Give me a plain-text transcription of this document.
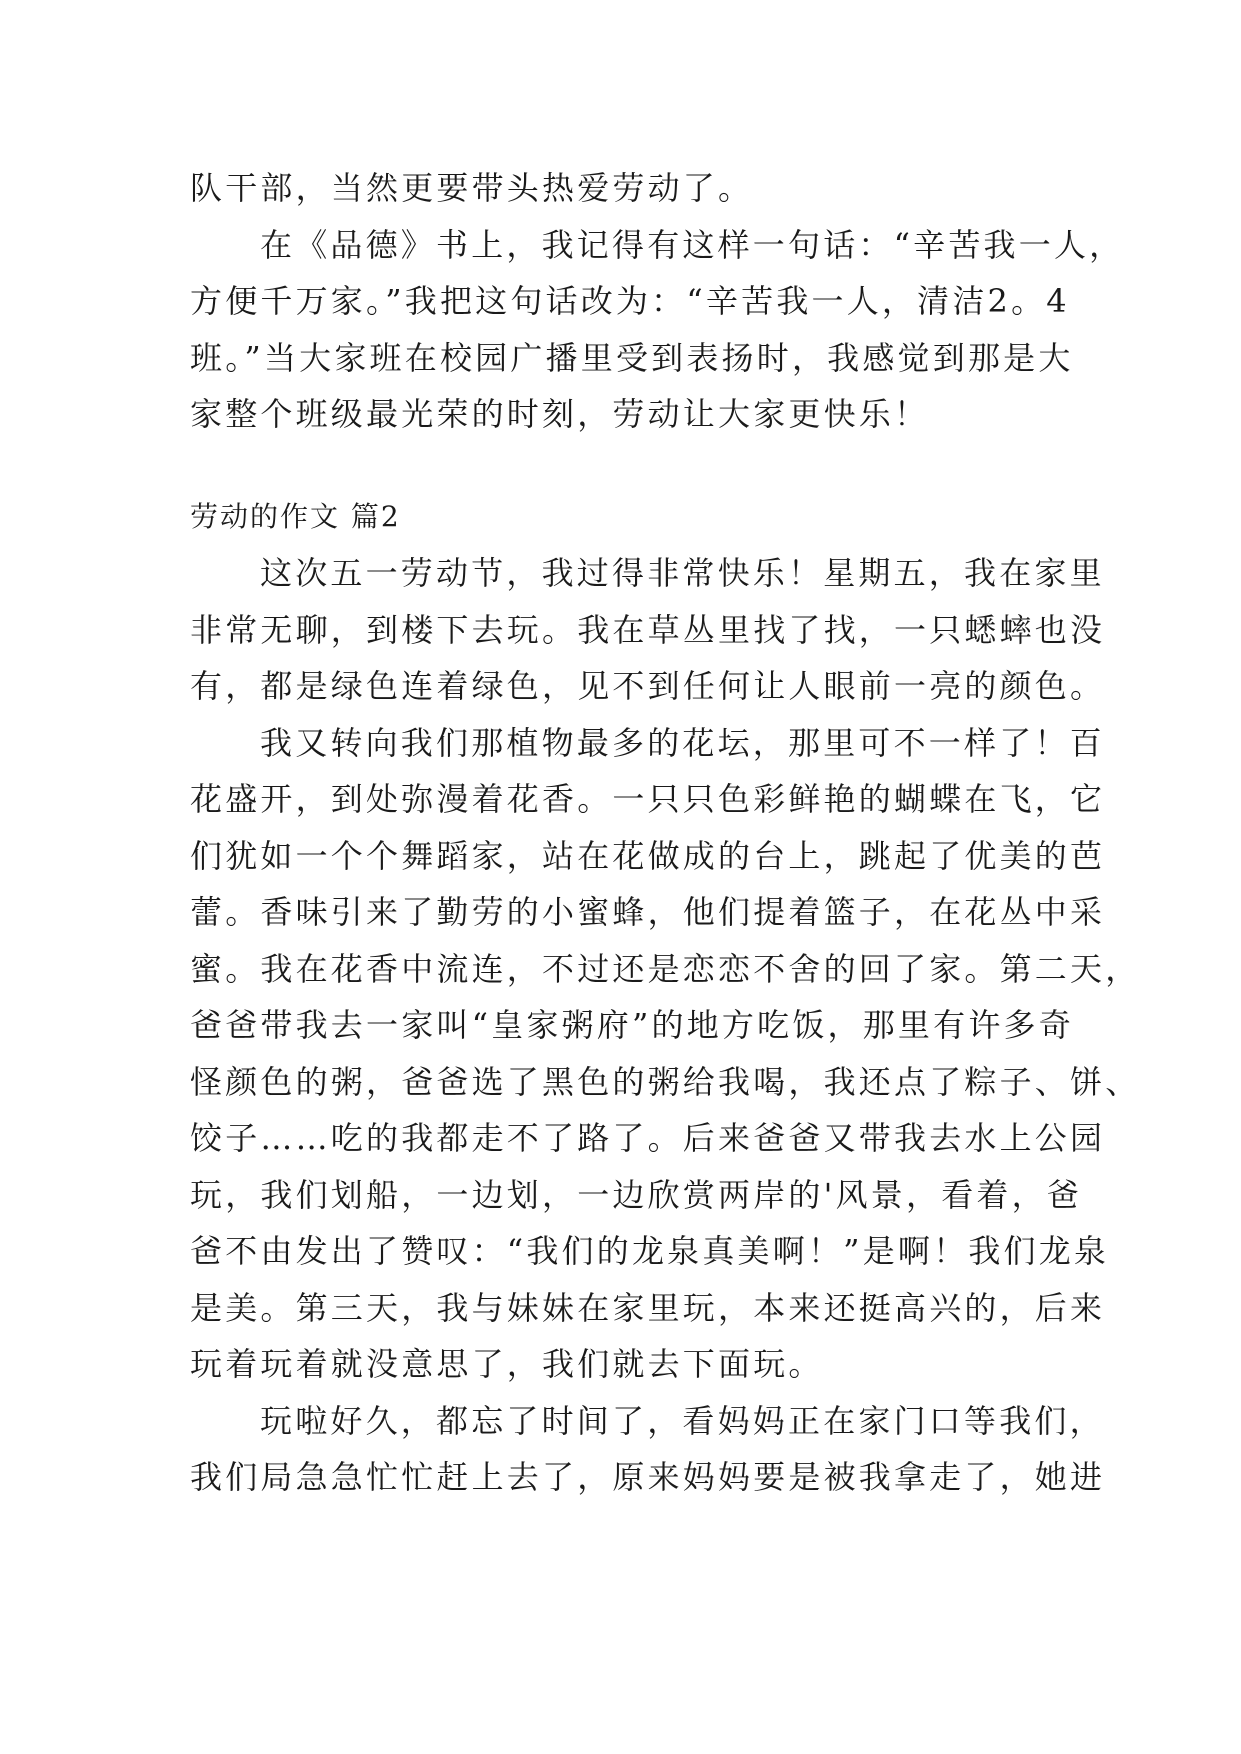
队干部，当然更要带头热爱劳动了。
在《品德》书上，我记得有这样一句话：“辛苦我一人，
方便千万家。”我把这句话改为：“辛苦我一人，清洁2。4
班。”当大家班在校园广播里受到表扬时，我感觉到那是大
家整个班级最光荣的时刻，劳动让大家更快乐！
劳动的作文 篇2
这次五一劳动节，我过得非常快乐！星期五，我在家里
非常无聊，到楼下去玩。我在草丛里找了找，一只蟋蟀也没
有，都是绿色连着绿色，见不到任何让人眼前一亮的颜色。
我又转向我们那植物最多的花坛，那里可不一样了！百
花盛开，到处弥漫着花香。一只只色彩鲜艳的蝴蝶在飞，它
们犹如一个个舞蹈家，站在花做成的台上，跳起了优美的芭
蕾。香味引来了勤劳的小蜜蜂，他们提着篮子，在花丛中采
蜜。我在花香中流连，不过还是恋恋不舍的回了家。第二天，
爸爸带我去一家叫“皇家粥府”的地方吃饭，那里有许多奇
怪颜色的粥，爸爸选了黑色的粥给我喝，我还点了粽子、饼、
饺子……吃的我都走不了路了。后来爸爸又带我去水上公园
玩，我们划船，一边划，一边欣赏两岸的'风景，看着，爸
爸不由发出了赞叹：“我们的龙泉真美啊！”是啊！我们龙泉
是美。第三天，我与妹妹在家里玩，本来还挺高兴的，后来
玩着玩着就没意思了，我们就去下面玩。
玩啦好久，都忘了时间了，看妈妈正在家门口等我们，
我们局急急忙忙赶上去了，原来妈妈要是被我拿走了，她进
